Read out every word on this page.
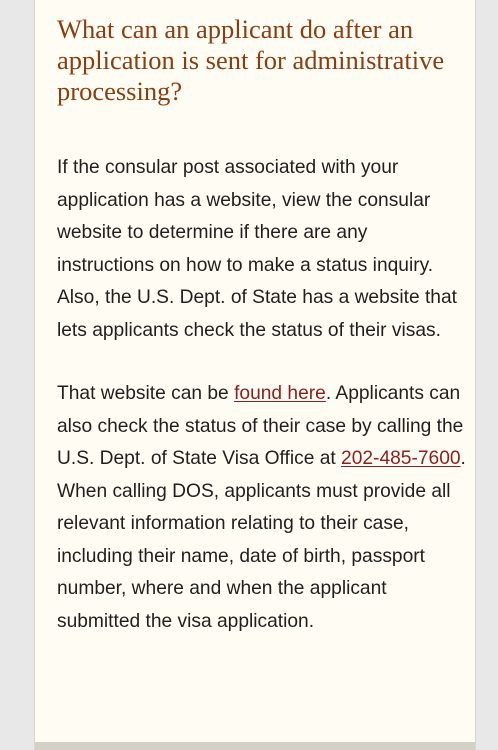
What can an applicant do after an application is sent for administrative processing?

If the consular post associated with your application has a website, view the consular website to determine if there are any instructions on how to make a status inquiry. Also, the U.S. Dept. of State has a website that lets applicants check the status of their visas.

That website can be found here. Applicants can also check the status of their case by calling the U.S. Dept. of State Visa Office at 202-485-7600. When calling DOS, applicants must provide all relevant information relating to their case, including their name, date of birth, passport number, where and when the applicant submitted the visa application.
